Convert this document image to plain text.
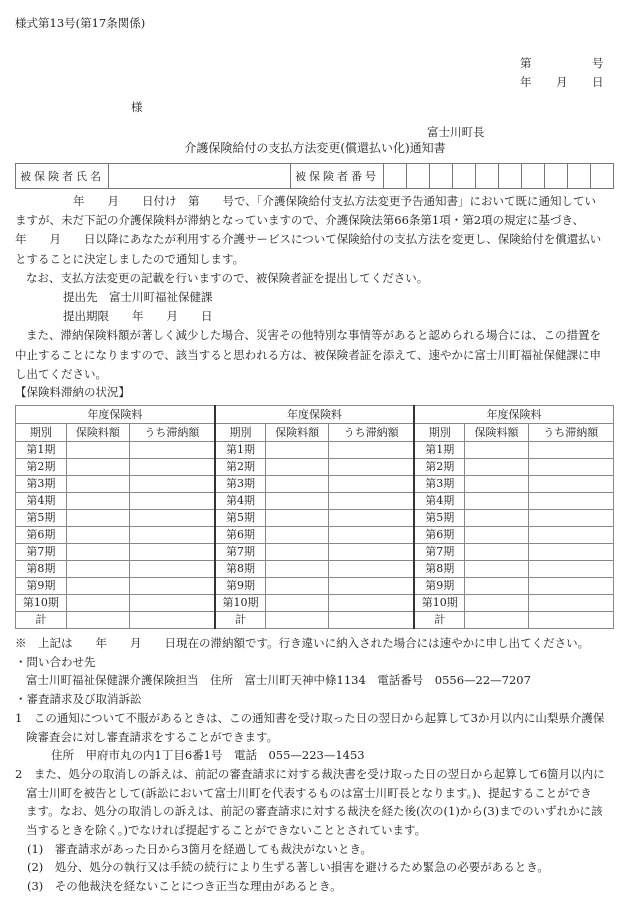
様式第13号(第17条関係)
第	号
年 月 日
様
富士川町長
介護保険給付の支払方法変更(償還払い化)通知書
被保険者氏名		被保険者番号										

年　　月　　日付け　第　　号で、「介護保険給付支払方法変更予告通知書」において既に通知してい

ますが、未だ下記の介護保険料が滞納となっていますので、介護保険法第66条第1項・第2項の規定に基づき、

年　　月　　日以降にあなたが利用する介護サービスについて保険給付の支払方法を変更し、保険給付を償還払い

とすることに決定しましたので通知します。

なお、支払方法変更の記載を行いますので、被保険者証を提出してください。

提出先　富士川町福祉保健課

提出期限　　年　　月　　日

また、滞納保険料額が著しく減少した場合、災害その他特別な事情等があると認められる場合には、この措置を

中止することになりますので、該当すると思われる方は、被保険者証を添えて、速やかに富士川町福祉保健課に申

し出てください。

【保険料滞納の状況】
年度保険料			年度保険料			年度保険料		
期別	保険料額	うち滞納額	期別	保険料額	うち滞納額	期別	保険料額	うち滞納額
第1期			第1期			第1期		
第2期			第2期			第2期		
第3期			第3期			第3期		
第4期			第4期			第4期		
第5期			第5期			第5期		
第6期			第6期			第6期		
第7期			第7期			第7期		
第8期			第8期			第8期		
第9期			第9期			第9期		
第10期			第10期			第10期		
計			計			計		

※　上記は　　年　　月　　日現在の滞納額です。行き違いに納入された場合には速やかに申し出てください。

・問い合わせ先

富士川町福祉保健課介護保険担当　住所　富士川町天神中條1134　電話番号　0556—22—7207

・審査請求及び取消訴訟

1　この通知について不服があるときは、この通知書を受け取った日の翌日から起算して3か月以内に山梨県介護保

険審査会に対し審査請求をすることができます。

住所　甲府市丸の内1丁目6番1号　電話　055—223—1453

2　また、処分の取消しの訴えは、前記の審査請求に対する裁決書を受け取った日の翌日から起算して6箇月以内に

富士川町を被告として(訴訟において富士川町を代表するものは富士川町長となります。)、提起することができ

ます。なお、処分の取消しの訴えは、前記の審査請求に対する裁決を経た後(次の(1)から(3)までのいずれかに該

当するときを除く。)でなければ提起することができないこととされています。

(1)　審査請求があった日から3箇月を経過しても裁決がないとき。

(2)　処分、処分の執行又は手続の続行により生ずる著しい損害を避けるため緊急の必要があるとき。

(3)　その他裁決を経ないことにつき正当な理由があるとき。
